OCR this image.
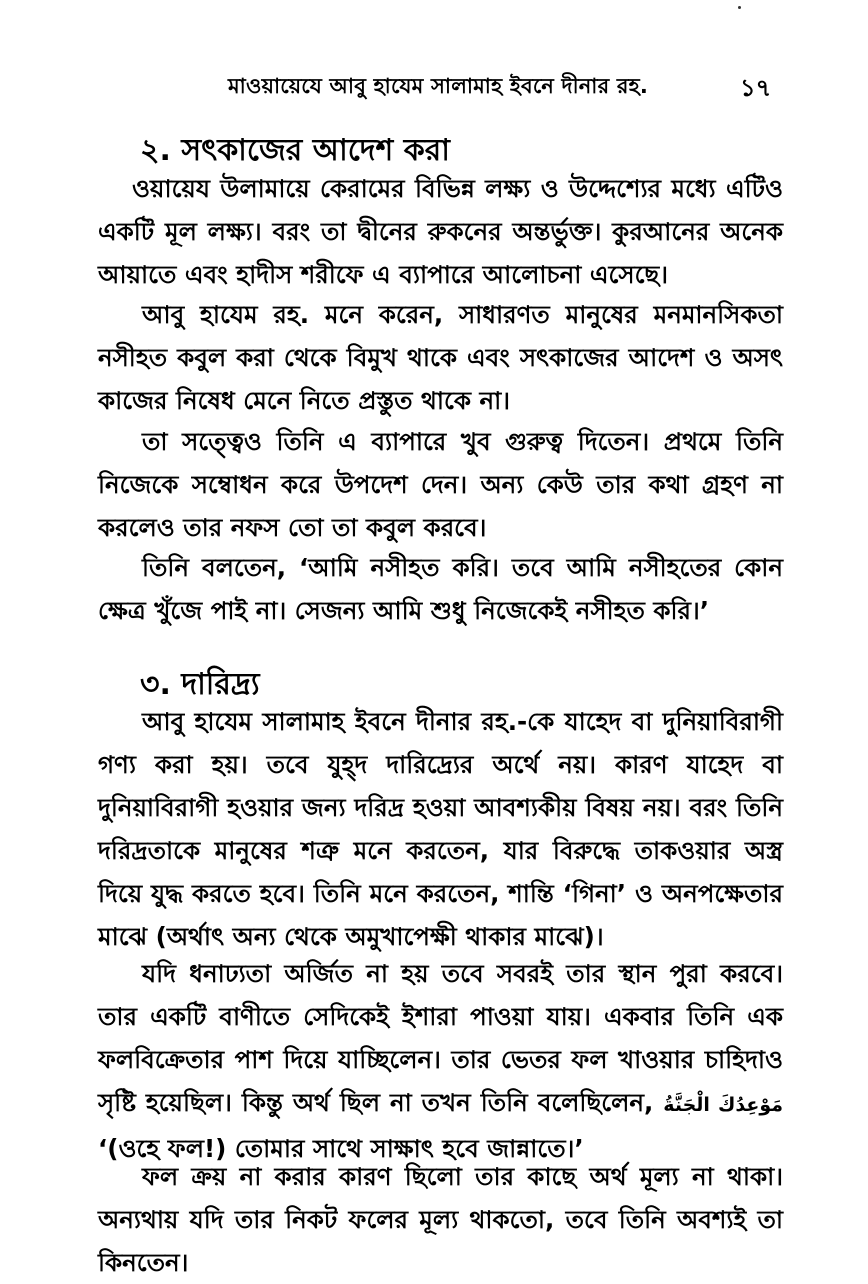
মাওয়ায়েযে আবু হাযেম সালামাহ ইবনে দীনার রহ.	১৭
২. সৎকাজের আদেশ করা

ওয়ায়েয উলামায়ে কেরামের বিভিন্ন লক্ষ্য ও উদ্দেশ্যের মধ্যে এটিও একটি মূল লক্ষ্য। বরং তা দ্বীনের রুকনের অন্তর্ভুক্ত। কুরআনের অনেক আয়াতে এবং হাদীস শরীফে এ ব্যাপারে আলোচনা এসেছে।

আবু হাযেম রহ. মনে করেন, সাধারণত মানুষের মনমানসিকতা নসীহত কবুল করা থেকে বিমুখ থাকে এবং সৎকাজের আদেশ ও অসৎ কাজের নিষেধ মেনে নিতে প্রস্তুত থাকে না।

তা সত্ত্বেও তিনি এ ব্যাপারে খুব গুরুত্ব দিতেন। প্রথমে তিনি নিজেকে সম্বোধন করে উপদেশ দেন। অন্য কেউ তার কথা গ্রহণ না করলেও তার নফস তো তা কবুল করবে।

তিনি বলতেন, ‘আমি নসীহত করি। তবে আমি নসীহতের কোন ক্ষেত্র খুঁজে পাই না। সেজন্য আমি শুধু নিজেকেই নসীহত করি।’

৩. দারিদ্র্য

আবু হাযেম সালামাহ ইবনে দীনার রহ.-কে যাহেদ বা দুনিয়াবিরাগী গণ্য করা হয়। তবে যুহ্দ দারিদ্র্যের অর্থে নয়। কারণ যাহেদ বা দুনিয়াবিরাগী হওয়ার জন্য দরিদ্র হওয়া আবশ্যকীয় বিষয় নয়। বরং তিনি দরিদ্রতাকে মানুষের শত্রু মনে করতেন, যার বিরুদ্ধে তাকওয়ার অস্ত্র দিয়ে যুদ্ধ করতে হবে। তিনি মনে করতেন, শান্তি ‘গিনা’ ও অনপক্ষেতার মাঝে (অর্থাৎ অন্য থেকে অমুখাপেক্ষী থাকার মাঝে)।

যদি ধনাঢ্যতা অর্জিত না হয় তবে সবরই তার স্থান পুরা করবে। তার একটি বাণীতে সেদিকেই ইশারা পাওয়া যায়। একবার তিনি এক ফলবিক্রেতার পাশ দিয়ে যাচ্ছিলেন। তার ভেতর ফল খাওয়ার চাহিদাও সৃষ্টি হয়েছিল। কিন্তু অর্থ ছিল না তখন তিনি বলেছিলেন, مَوْعِدُكَ الْجَنَّةُ ‘(ওহে ফল!) তোমার সাথে সাক্ষাৎ হবে জান্নাতে।’

ফল ক্রয় না করার কারণ ছিলো তার কাছে অর্থ মূল্য না থাকা। অন্যথায় যদি তার নিকট ফলের মূল্য থাকতো, তবে তিনি অবশ্যই তা কিনতেন।
